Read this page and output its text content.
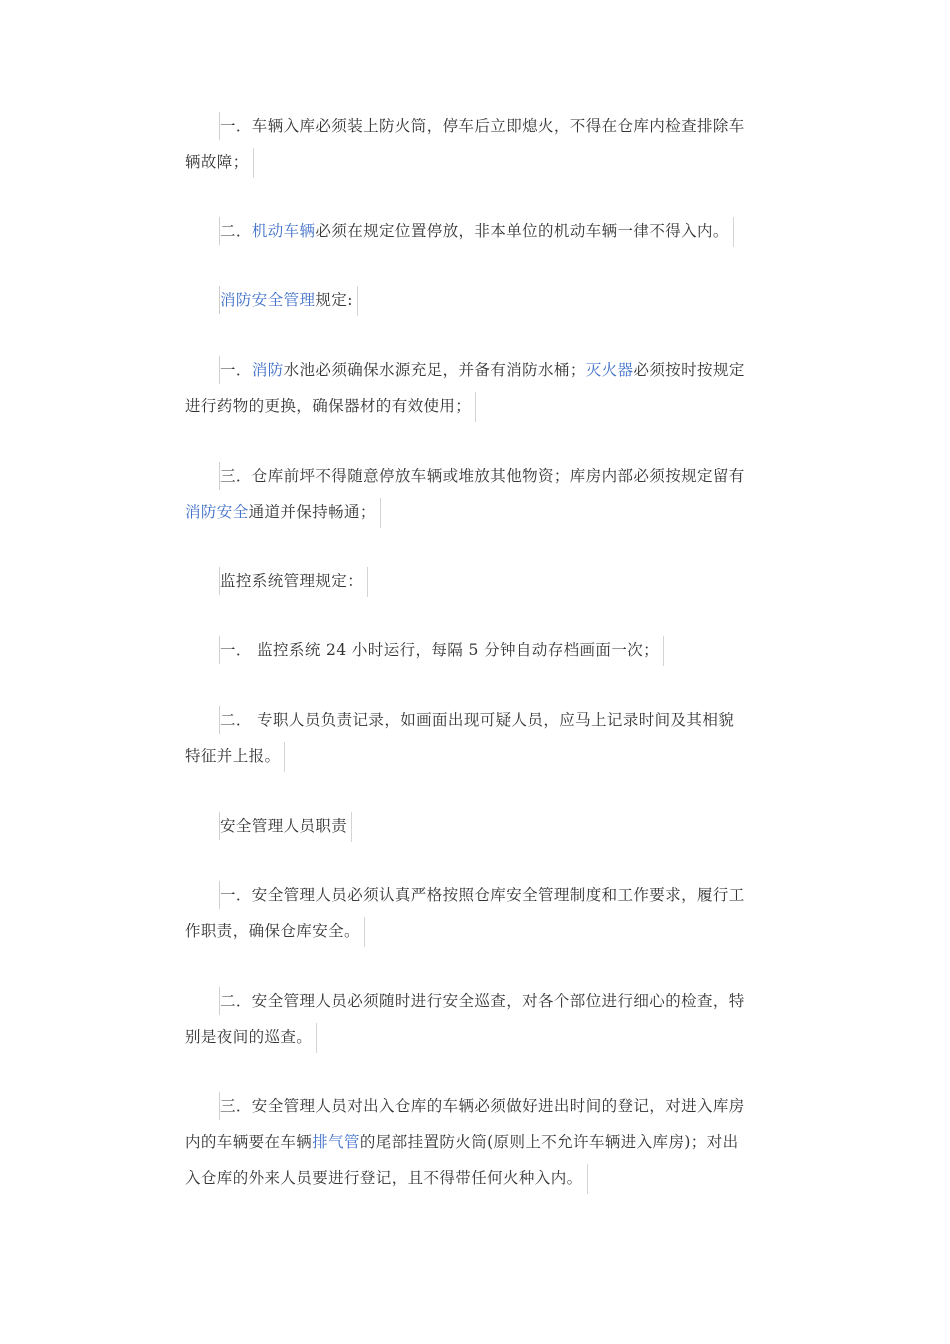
一．车辆入库必须装上防火筒，停车后立即熄火，不得在仓库内检查排除车
辆故障；
二．机动车辆必须在规定位置停放，非本单位的机动车辆一律不得入内。
消防安全管理规定:
一．消防水池必须确保水源充足，并备有消防水桶；灭火器必须按时按规定
进行药物的更换，确保器材的有效使用；
三．仓库前坪不得随意停放车辆或堆放其他物资；库房内部必须按规定留有
消防安全通道并保持畅通；
监控系统管理规定：
一． 监控系统 24 小时运行，每隔 5 分钟自动存档画面一次；
二． 专职人员负责记录，如画面出现可疑人员，应马上记录时间及其相貌
特征并上报。
安全管理人员职责
一．安全管理人员必须认真严格按照仓库安全管理制度和工作要求，履行工
作职责，确保仓库安全。
二．安全管理人员必须随时进行安全巡查，对各个部位进行细心的检查，特
别是夜间的巡查。
三．安全管理人员对出入仓库的车辆必须做好进出时间的登记，对进入库房
内的车辆要在车辆排气管的尾部挂置防火筒(原则上不允许车辆进入库房)；对出
入仓库的外来人员要进行登记，且不得带任何火种入内。
